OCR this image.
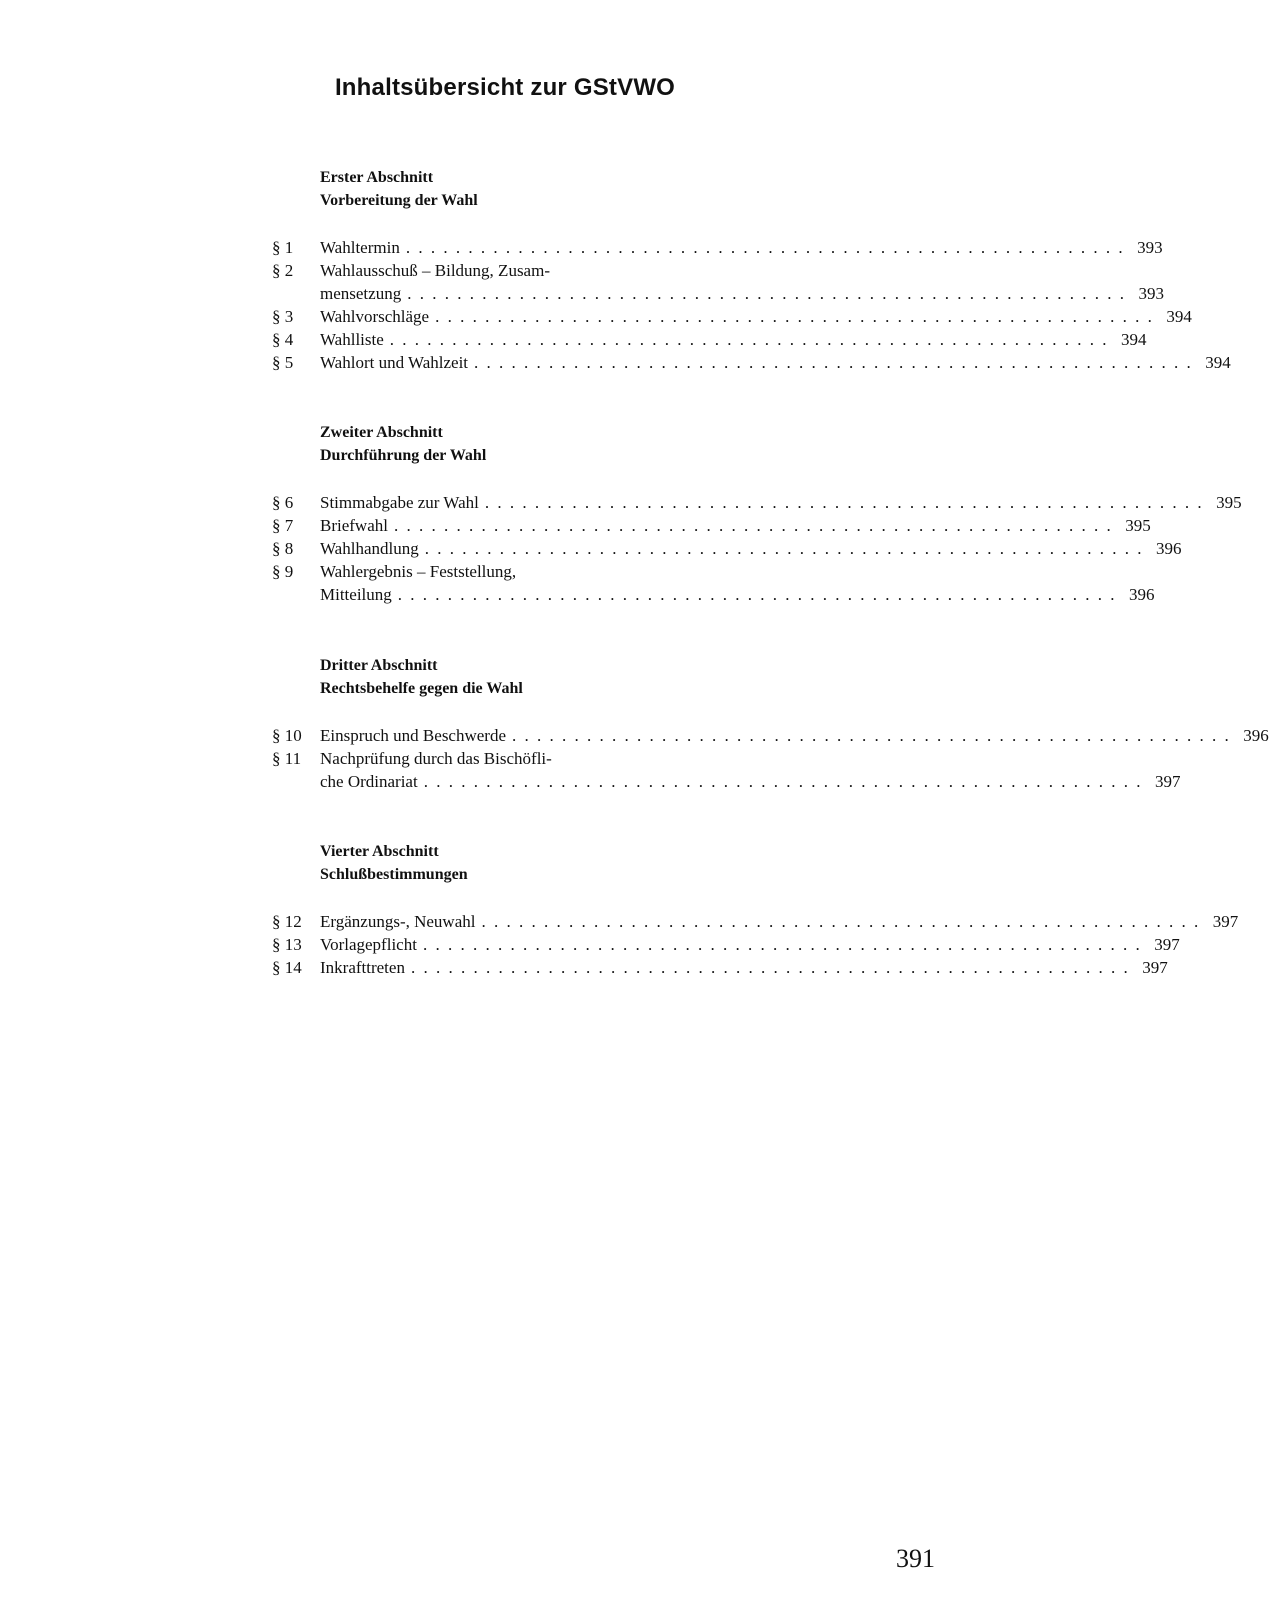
Inhaltsübersicht zur GStVWO
Erster Abschnitt
Vorbereitung der Wahl
§ 1	Wahltermin . . .	393
§ 2	Wahlausschuß – Bildung, Zusam-
mensetzung . . .	393
§ 3	Wahlvorschläge . . .	394
§ 4	Wahlliste . . .	394
§ 5	Wahlort und Wahlzeit . . .	394
Zweiter Abschnitt
Durchführung der Wahl
§ 6	Stimmabgabe zur Wahl . . .	395
§ 7	Briefwahl . . .	395
§ 8	Wahlhandlung . . .	396
§ 9	Wahlergebnis – Feststellung,
Mitteilung . . .	396
Dritter Abschnitt
Rechtsbehelfe gegen die Wahl
§ 10	Einspruch und Beschwerde . . .	396
§ 11	Nachprüfung durch das Bischöfli-
che Ordinariat . . .	397
Vierter Abschnitt
Schlußbestimmungen
§ 12	Ergänzungs-, Neuwahl . . .	397
§ 13	Vorlagepflicht . . .	397
§ 14	Inkrafttreten . . .	397
391
